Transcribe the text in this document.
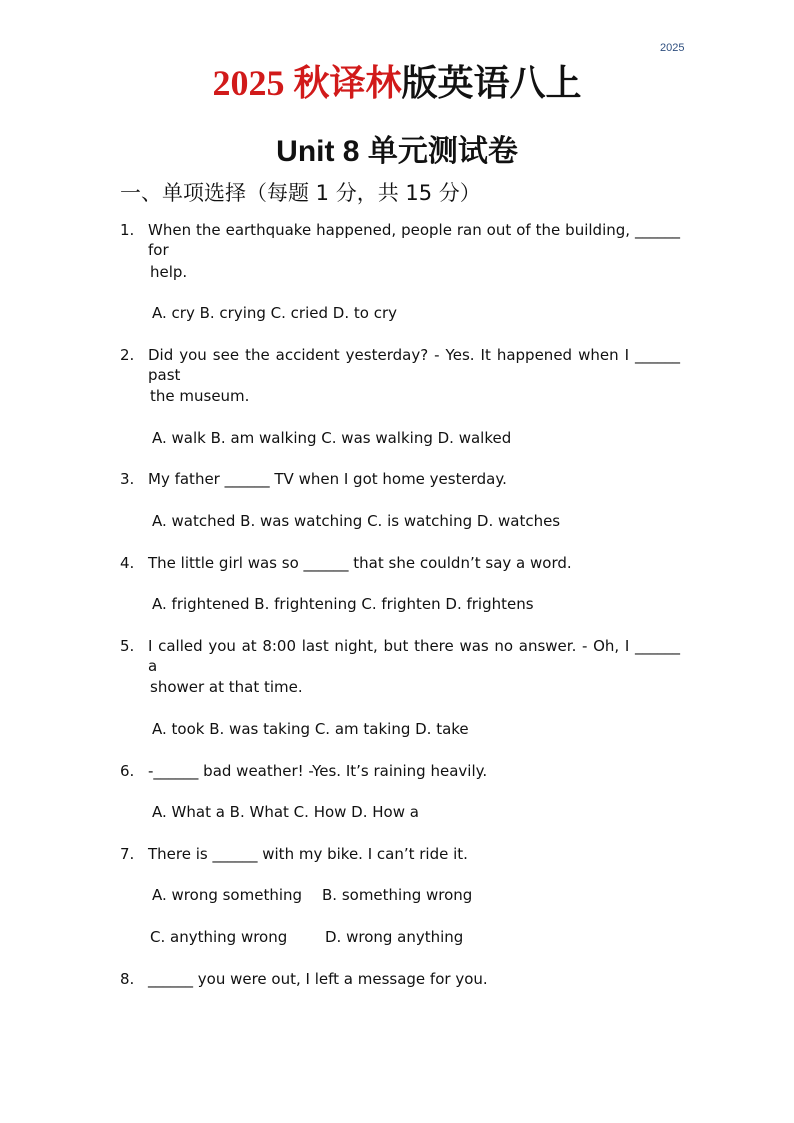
2025
2025 秋译林版英语八上
Unit 8 单元测试卷
一、单项选择（每题 1 分，共 15 分）
1. When the earthquake happened, people ran out of the building, ______ for
help.
A. cry B. crying C. cried D. to cry
2. Did you see the accident yesterday? - Yes. It happened when I ______ past
the museum.
A. walk B. am walking C. was walking D. walked
3. My father ______ TV when I got home yesterday.
A. watched B. was watching C. is watching D. watches
4. The little girl was so ______ that she couldn’t say a word.
A. frightened B. frightening C. frighten D. frightens
5. I called you at 8:00 last night, but there was no answer. - Oh, I ______ a
shower at that time.
A. took B. was taking C. am taking D. take
6. -______ bad weather! -Yes. It’s raining heavily.
A. What a B. What C. How D. How a
7. There is ______ with my bike. I can’t ride it.
A. wrong something B. something wrong
C. anything wrong	D. wrong anything
8. ______ you were out, I left a message for you.
